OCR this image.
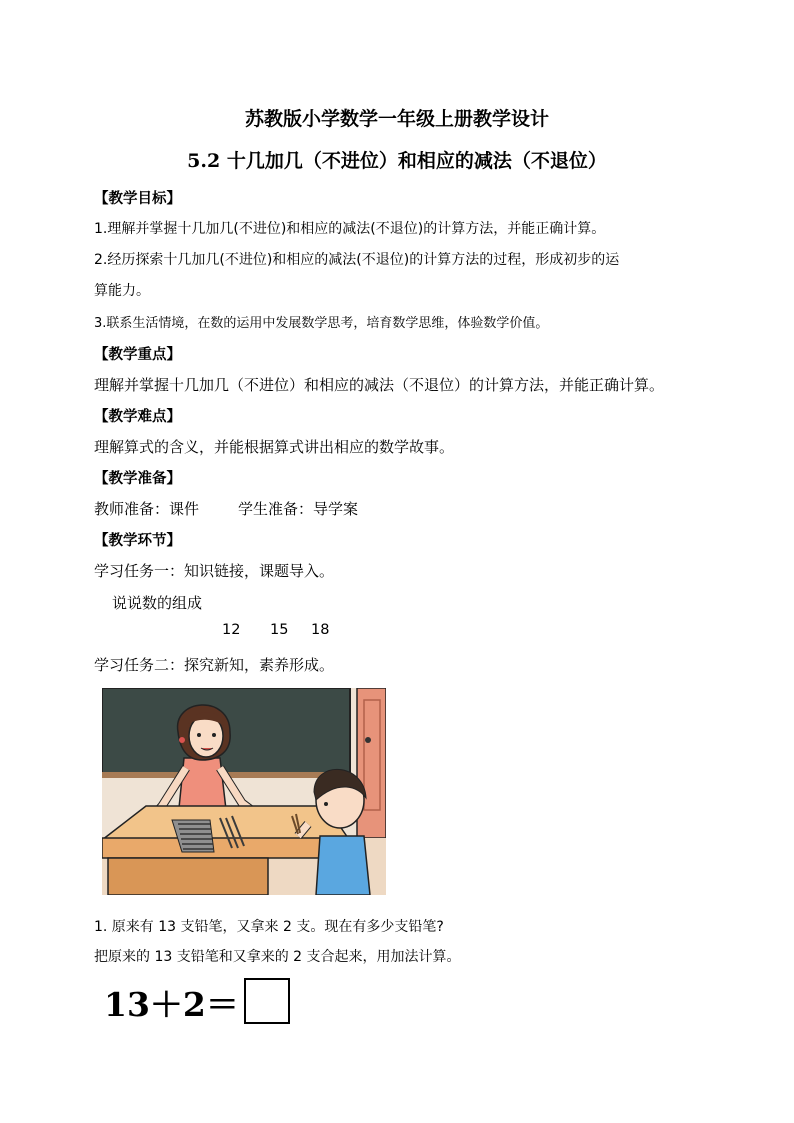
苏教版小学数学一年级上册教学设计
5.2 十几加几（不进位）和相应的减法（不退位）
【教学目标】
1.理解并掌握十几加几(不进位)和相应的减法(不退位)的计算方法，并能正确计算。
2.经历探索十几加几(不进位)和相应的减法(不退位)的计算方法的过程，形成初步的运
算能力。
3.联系生活情境，在数的运用中发展数学思考，培育数学思维，体验数学价值。
【教学重点】
理解并掌握十几加几（不进位）和相应的减法（不退位）的计算方法，并能正确计算。
【教学难点】
理解算式的含义，并能根据算式讲出相应的数学故事。
【教学准备】
教师准备：课件	学生准备：导学案
【教学环节】
学习任务一：知识链接，课题导入。
说说数的组成
12 15 18
学习任务二：探究新知，素养形成。
1. 原来有 13 支铅笔，又拿来 2 支。现在有多少支铅笔?
把原来的 13 支铅笔和又拿来的 2 支合起来，用加法计算。
13＋2＝
